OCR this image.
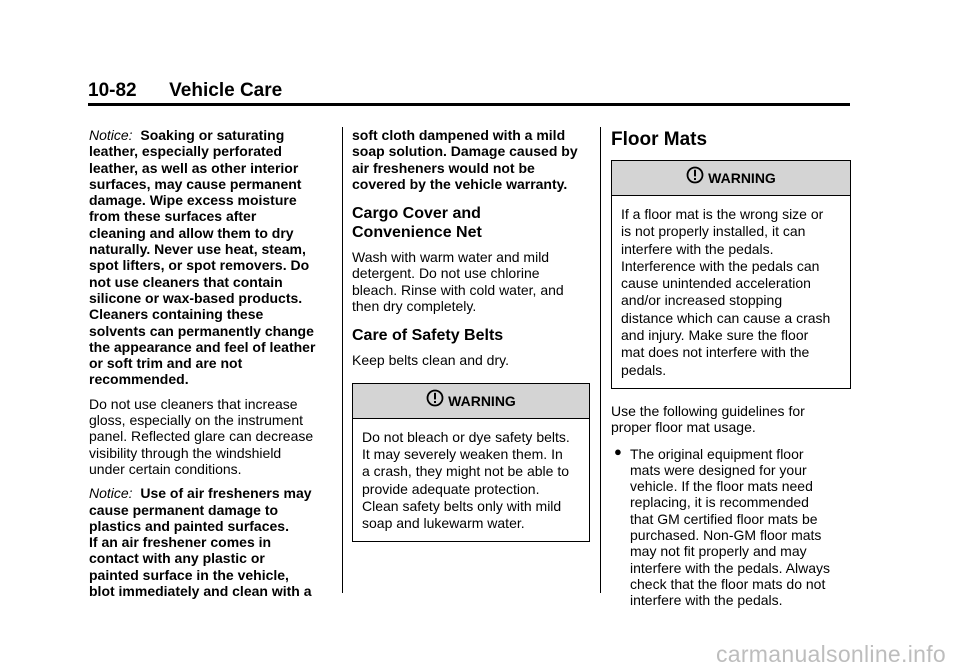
10-82 Vehicle Care

Notice: Soaking or saturating
leather, especially perforated
leather, as well as other interior
surfaces, may cause permanent
damage. Wipe excess moisture
from these surfaces after
cleaning and allow them to dry
naturally. Never use heat, steam,
spot lifters, or spot removers. Do
not use cleaners that contain
silicone or wax-based products.
Cleaners containing these
solvents can permanently change
the appearance and feel of leather
or soft trim and are not
recommended.

Do not use cleaners that increase
gloss, especially on the instrument
panel. Reflected glare can decrease
visibility through the windshield
under certain conditions.

Notice: Use of air fresheners may
cause permanent damage to
plastics and painted surfaces.
If an air freshener comes in
contact with any plastic or
painted surface in the vehicle,
blot immediately and clean with a

soft cloth dampened with a mild
soap solution. Damage caused by
air fresheners would not be
covered by the vehicle warranty.

Cargo Cover and
Convenience Net

Wash with warm water and mild
detergent. Do not use chlorine
bleach. Rinse with cold water, and
then dry completely.

Care of Safety Belts

Keep belts clean and dry.

WARNING
Do not bleach or dye safety belts.
It may severely weaken them. In
a crash, they might not be able to
provide adequate protection.
Clean safety belts only with mild
soap and lukewarm water.
Floor Mats
WARNING
If a floor mat is the wrong size or
is not properly installed, it can
interfere with the pedals.
Interference with the pedals can
cause unintended acceleration
and/or increased stopping
distance which can cause a crash
and injury. Make sure the floor
mat does not interfere with the
pedals.

Use the following guidelines for
proper floor mat usage.

● The original equipment floor
mats were designed for your
vehicle. If the floor mats need
replacing, it is recommended
that GM certified floor mats be
purchased. Non-GM floor mats
may not fit properly and may
interfere with the pedals. Always
check that the floor mats do not
interfere with the pedals.
carmanualsonline.info
